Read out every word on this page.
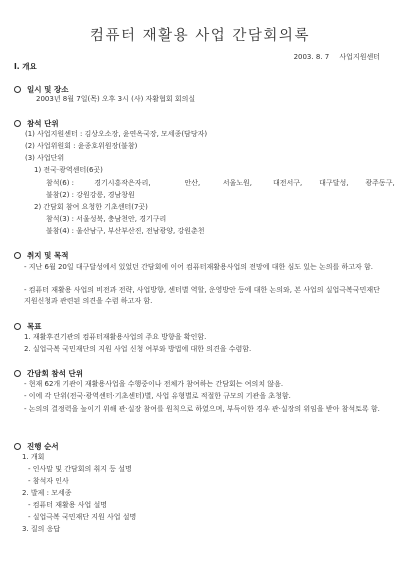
컴퓨터 재활용 사업 간담회의록
2003. 8. 7 사업지원센터
Ⅰ. 개요
일시 및 장소
2003년 8월 7일(목) 오후 3시 (사) 자활협회 회의실
참석 단위
(1) 사업지원센터 : 김상오소장, 윤연옥국장, 모세종(담당자)
(2) 사업위원회 : 윤종호위원장(불참)
(3) 사업단위
1) 전국·광역센터(6곳)
참석(6) :	경기시흥작은자리,	안산,	서울노원,	대전서구, 대구달성, 광주동구,
불참(2) : 강원강릉, 경남창원
2) 간담회 참여 요청한 기초센터(7곳)
참석(3) : 서울성북, 충남천안, 경기구리
불참(4) : 울산남구, 부산부산진, 전남광양, 강원춘천
취지 및 목적
- 지난 6월 20일 대구달성에서 있었던 간담회에 이어 컴퓨터재활용사업의 전망에 대한 심도 있는 논의를 하고자 함.
- 컴퓨터 재활용 사업의 비전과 전략, 사업방향, 센터별 역할, 운영방안 등에 대한 논의와, 본 사업의 실업극복국민재단 지원신청과 관련된 의견을 수렴 하고자 함.
목표
1. 재활후견기관의 컴퓨터재활용사업의 주요 방향을 확인함.
2. 실업극복 국민재단의 지원 사업 신청 여부와 방법에 대한 의견을 수렴함.
간담회 참석 단위
- 현재 62개 기관이 재활용사업을 수행중이나 전체가 참여하는 간담회는 여의치 않음.
- 이에 각 단위(전국·광역센터·기초센터)별, 사업 유형별로 적절한 규모의 기관을 초청함.
- 논의의 결정력을 높이기 위해 관·실장 참여를 원칙으로 하였으며, 부득이한 경우 관·실장의 위임을 받아 참석토록 함.
진행 순서
1. 개회
- 인사말 및 간담회의 취지 등 설명
- 참석자 인사
2. 발제 : 모세종
- 컴퓨터 재활용 사업 설명
- 실업극복 국민재단 지원 사업 설명
3. 질의 응답
